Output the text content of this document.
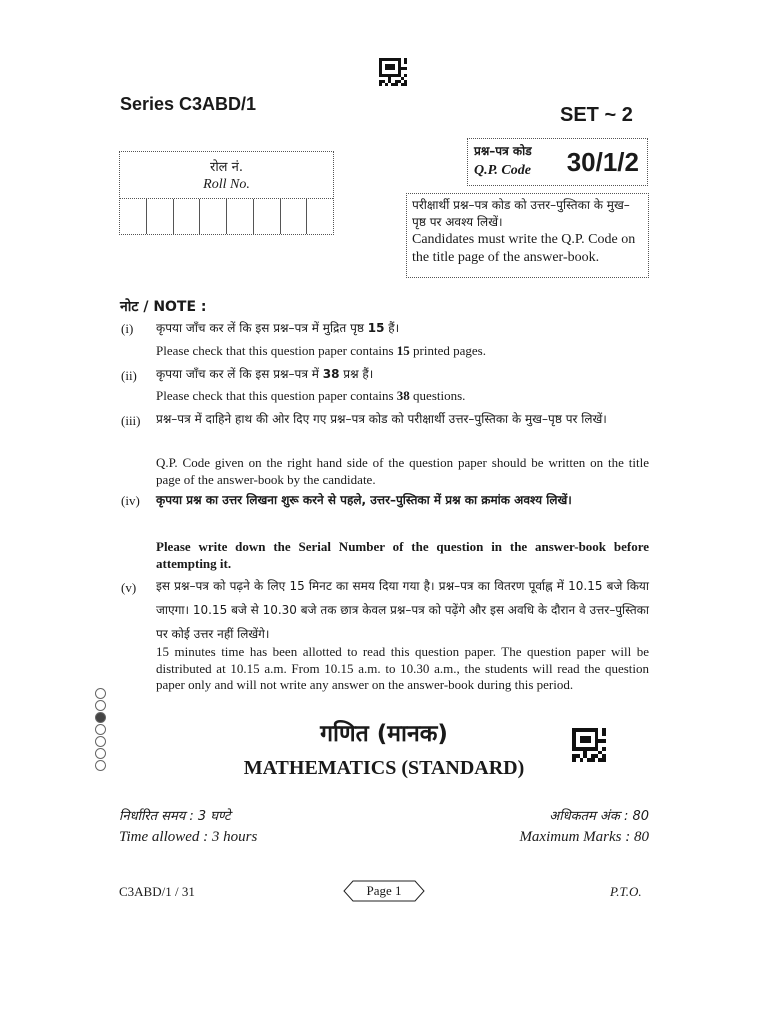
Series C3ABD/1	SET ~ 2
रोल नं.
Roll No.
प्रश्न–पत्र कोड
Q.P. Code 30/1/2
परीक्षार्थी प्रश्न–पत्र कोड को उत्तर–पुस्तिका के मुख–पृष्ठ पर अवश्य लिखें।
Candidates must write the Q.P. Code on the title page of the answer-book.
नोट / NOTE :
(i) कृपया जाँच कर लें कि इस प्रश्न–पत्र में मुद्रित पृष्ठ 15 हैं।
Please check that this question paper contains 15 printed pages.
(ii) कृपया जाँच कर लें कि इस प्रश्न–पत्र में 38 प्रश्न हैं।
Please check that this question paper contains 38 questions.
(iii) प्रश्न–पत्र में दाहिने हाथ की ओर दिए गए प्रश्न–पत्र कोड को परीक्षार्थी उत्तर–पुस्तिका के मुख–पृष्ठ पर लिखें।
Q.P. Code given on the right hand side of the question paper should be written on the title page of the answer-book by the candidate.
(iv) कृपया प्रश्न का उत्तर लिखना शुरू करने से पहले, उत्तर–पुस्तिका में प्रश्न का क्रमांक अवश्य लिखें।
Please write down the Serial Number of the question in the answer-book before attempting it.
(v) इस प्रश्न–पत्र को पढ़ने के लिए 15 मिनट का समय दिया गया है। प्रश्न–पत्र का वितरण पूर्वाह्न में 10.15 बजे किया जाएगा। 10.15 बजे से 10.30 बजे तक छात्र केवल प्रश्न–पत्र को पढ़ेंगे और इस अवधि के दौरान वे उत्तर–पुस्तिका पर कोई उत्तर नहीं लिखेंगे।
15 minutes time has been allotted to read this question paper. The question paper will be distributed at 10.15 a.m. From 10.15 a.m. to 10.30 a.m., the students will read the question paper only and will not write any answer on the answer-book during this period.
गणित (मानक)
MATHEMATICS (STANDARD)
निर्धारित समय : 3 घण्टे
Time allowed : 3 hours
अधिकतम अंक : 80
Maximum Marks : 80
C3ABD/1 / 31	Page 1	P.T.O.
